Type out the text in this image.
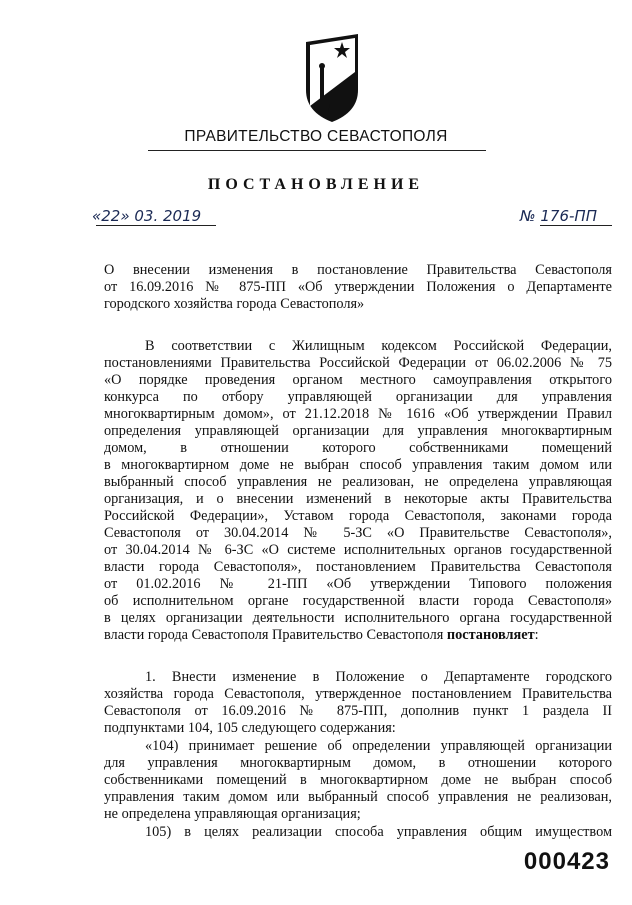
ПРАВИТЕЛЬСТВО СЕВАСТОПОЛЯ
ПОСТАНОВЛЕНИЕ
«22» 03. 2019	№ 176-ПП
О внесении изменения в постановление Правительства Севастополя
от 16.09.2016 № 875-ПП «Об утверждении Положения о Департаменте
городского хозяйства города Севастополя»
В соответствии с Жилищным кодексом Российской Федерации,
постановлениями Правительства Российской Федерации от 06.02.2006 № 75
«О порядке проведения органом местного самоуправления открытого
конкурса по отбору управляющей организации для управления
многоквартирным домом», от 21.12.2018 № 1616 «Об утверждении Правил
определения управляющей организации для управления многоквартирным
домом, в отношении которого собственниками помещений
в многоквартирном доме не выбран способ управления таким домом или
выбранный способ управления не реализован, не определена управляющая
организация, и о внесении изменений в некоторые акты Правительства
Российской Федерации», Уставом города Севастополя, законами города
Севастополя от 30.04.2014 № 5-ЗС «О Правительстве Севастополя»,
от 30.04.2014 № 6-ЗС «О системе исполнительных органов государственной
власти города Севастополя», постановлением Правительства Севастополя
от 01.02.2016 № 21-ПП «Об утверждении Типового положения
об исполнительном органе государственной власти города Севастополя»
в целях организации деятельности исполнительного органа государственной
власти города Севастополя Правительство Севастополя постановляет:
1. Внести изменение в Положение о Департаменте городского
хозяйства города Севастополя, утвержденное постановлением Правительства
Севастополя от 16.09.2016 № 875-ПП, дополнив пункт 1 раздела II
подпунктами 104, 105 следующего содержания:
«104) принимает решение об определении управляющей организации
для управления многоквартирным домом, в отношении которого
собственниками помещений в многоквартирном доме не выбран способ
управления таким домом или выбранный способ управления не реализован,
не определена управляющая организация;
105) в целях реализации способа управления общим имуществом
000423
